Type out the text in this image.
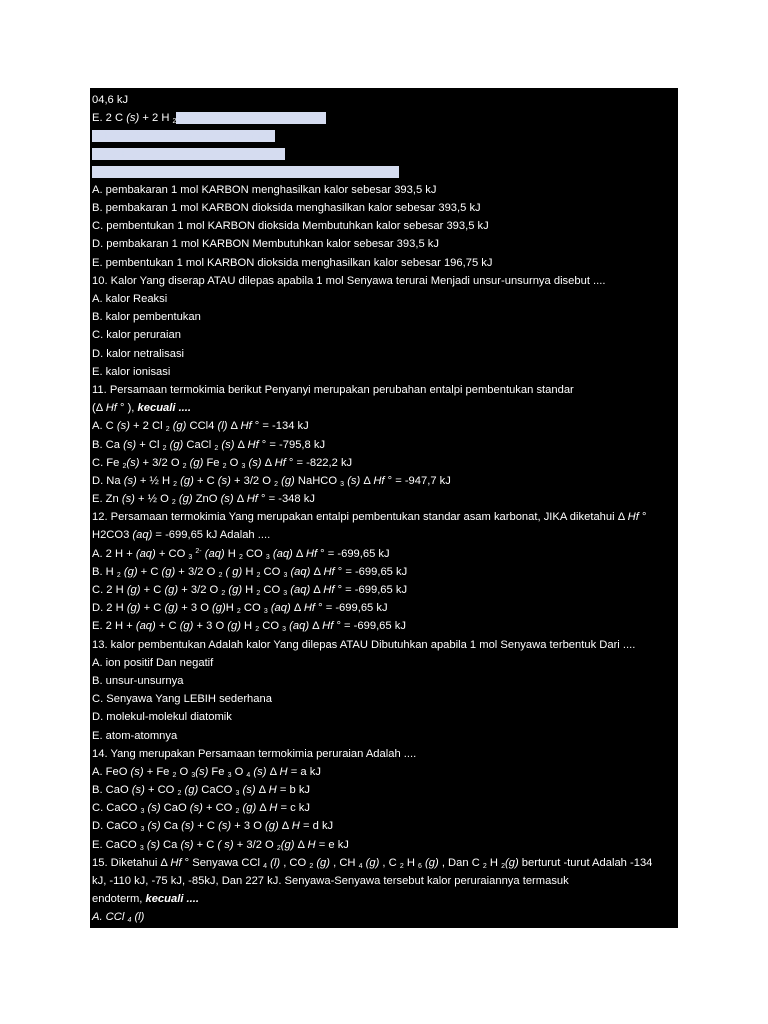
04,6 kJ
E. 2 C (s) + 2 H $_2$(g) C $_2$ H $_4$ (g) Δ H = +104,6 kJ
9. Diketahui Persamaan termokimia :
C (s) + O $_2$ (g) CO $_2$ (g) Δ H = -393,5 kJ
Pernyataan yang Benar Dari Reaksi di differences Adalah ....
A. pembakaran 1 mol KARBON menghasilkan kalor sebesar 393,5 kJ
B. pembakaran 1 mol KARBON dioksida menghasilkan kalor sebesar 393,5 kJ
C. pembentukan 1 mol KARBON dioksida Membutuhkan kalor sebesar 393,5 kJ
D. pembakaran 1 mol KARBON Membutuhkan kalor sebesar 393,5 kJ
E. pembentukan 1 mol KARBON dioksida menghasilkan kalor sebesar 196,75 kJ
10. Kalor Yang diserap ATAU dilepas apabila 1 mol Senyawa terurai Menjadi unsur-unsurnya disebut ....
A. kalor Reaksi
B. kalor pembentukan
C. kalor peruraian
D. kalor netralisasi
E. kalor ionisasi
11. Persamaan termokimia berikut Penyanyi merupakan perubahan entalpi pembentukan standar
(Δ Hf ° ), kecuali ....
A. C (s) + 2 Cl $_2$ (g) CCl4 (l) Δ Hf ° = -134 kJ
B. Ca (s) + Cl $_2$ (g) CaCl $_2$ (s) Δ Hf ° = -795,8 kJ
C. Fe $_2$(s) + 3/2 O $_2$ (g) Fe $_2$ O $_3$ (s) Δ Hf ° = -822,2 kJ
D. Na (s) + ½ H $_2$ (g) + C (s) + 3/2 O $_2$ (g) NaHCO $_3$ (s) Δ Hf ° = -947,7 kJ
E. Zn (s) + ½ O $_2$ (g) ZnO (s) Δ Hf ° = -348 kJ
12. Persamaan termokimia Yang merupakan entalpi pembentukan standar asam karbonat, JIKA diketahui Δ Hf °
H2CO3 (aq) = -699,65 kJ Adalah ....
A. 2 H + (aq) + CO $_3$ $^{2-}$ (aq) H $_2$ CO $_3$ (aq) Δ Hf ° = -699,65 kJ
B. H $_2$ (g) + C (g) + 3/2 O $_2$ ( g) H $_2$ CO $_3$ (aq) Δ Hf ° = -699,65 kJ
C. 2 H (g) + C (g) + 3/2 O $_2$ (g) H $_2$ CO $_3$ (aq) Δ Hf ° = -699,65 kJ
D. 2 H (g) + C (g) + 3 O (g)H $_2$ CO $_3$ (aq) Δ Hf ° = -699,65 kJ
E. 2 H + (aq) + C (g) + 3 O (g) H $_2$ CO $_3$ (aq) Δ Hf ° = -699,65 kJ
13. kalor pembentukan Adalah kalor Yang dilepas ATAU Dibutuhkan apabila 1 mol Senyawa terbentuk Dari ....
A. ion positif Dan negatif
B. unsur-unsurnya
C. Senyawa Yang LEBIH sederhana
D. molekul-molekul diatomik
E. atom-atomnya
14. Yang merupakan Persamaan termokimia peruraian Adalah ....
A. FeO (s) + Fe $_2$ O $_3$(s) Fe $_3$ O $_4$ (s) Δ H = a kJ
B. CaO (s) + CO $_2$ (g) CaCO $_3$ (s) Δ H = b kJ
C. CaCO $_3$ (s) CaO (s) + CO $_2$ (g) Δ H = c kJ
D. CaCO $_3$ (s) Ca (s) + C (s) + 3 O (g) Δ H = d kJ
E. CaCO $_3$ (s) Ca (s) + C ( s) + 3/2 O $_2$(g) Δ H = e kJ
15. Diketahui Δ Hf ° Senyawa CCl $_4$ (l) , CO $_2$ (g) , CH $_4$ (g) , C $_2$ H $_6$ (g) , Dan C $_2$ H $_2$(g) berturut -turut Adalah -134
kJ, -110 kJ, -75 kJ, -85kJ, Dan 227 kJ. Senyawa-Senyawa tersebut kalor peruraiannya termasuk
endoterm, kecuali ....
A. CCl $_4$ (l)
